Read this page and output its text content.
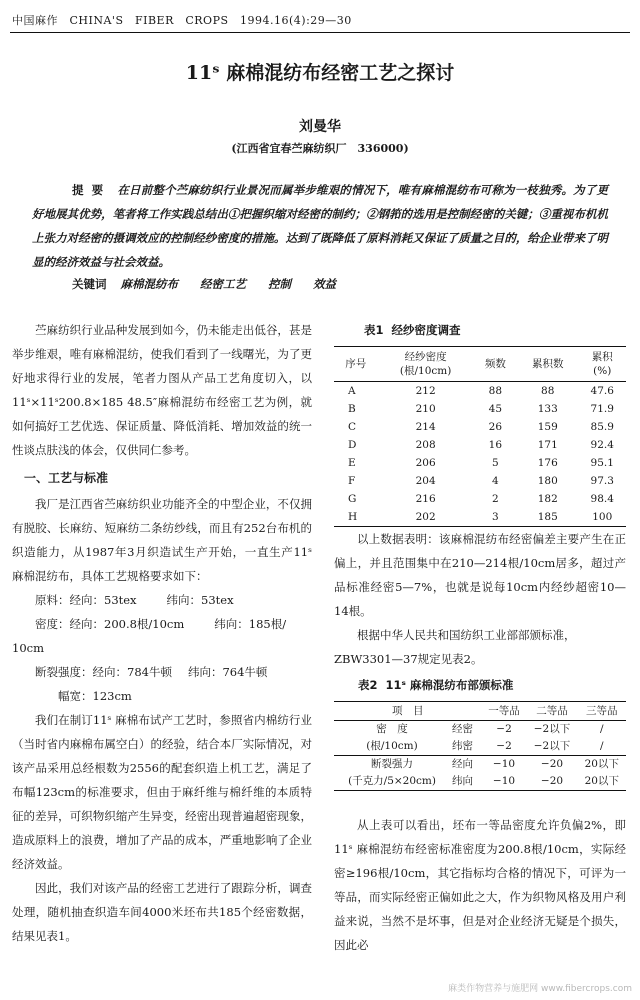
中国麻作　CHINA'S　FIBER　CROPS　1994.16(4):29—30
11ˢ 麻棉混纺布经密工艺之探讨
刘曼华
(江西省宜春苎麻纺织厂　336000)
提要 在日前整个苎麻纺织行业景况而属举步维艰的情况下，唯有麻棉混纺布可称为一枝独秀。为了更好地展其优势，笔者将工作实践总结出①把握织缩对经密的制约；②钢筘的选用是控制经密的关键；③重视布机机上张力对经密的摄调效应的控制经纱密度的措施。达到了既降低了原料消耗又保证了质量之目的，给企业带来了明显的经济效益与社会效益。
关键词 麻棉混纺布 经密工艺 控制 效益

苎麻纺织行业品种发展到如今，仍未能走出低谷，甚是举步维艰，唯有麻棉混纺，使我们看到了一线曙光，为了更好地求得行业的发展，笔者力图从产品工艺角度切入，以11ˢ×11ˢ200.8×185 48.5″麻棉混纺布经密工艺为例，就如何搞好工艺优选、保证质量、降低消耗、增加效益的统一性谈点肤浅的体会，仅供同仁参考。

一、工艺与标准

我厂是江西省苎麻纺织业功能齐全的中型企业，不仅拥有脱胶、长麻纺、短麻纺二条纺纱线，而且有252台布机的织造能力，从1987年3月织造试生产开始，一直生产11ˢ 麻棉混纺布，具体工艺规格要求如下：

原料：经向：53tex	纬向：53tex

密度：经向：200.8根/10cm	纬向：185根/

10cm

断裂强度：经向：784牛顿 纬向：764牛顿

幅宽：123cm

我们在制订11ˢ 麻棉布试产工艺时，参照省内棉纺行业（当时省内麻棉布属空白）的经验，结合本厂实际情况，对该产品采用总经根数为2556的配套织造上机工艺，满足了布幅123cm的标准要求，但由于麻纤维与棉纤维的本质特征的差异，可织物织缩产生异变，经密出现普遍超密现象，造成原料上的浪费，增加了产品的成本，严重地影响了企业经济效益。

因此，我们对该产品的经密工艺进行了跟踪分析，调查处理，随机抽查织造车间4000米坯布共185个经密数据，结果见表1。

表1 经纱密度调查
序号	经纱密度
(根/10cm)	频数	累积数	累积
(%)
A	212	88	88	47.6
B	210	45	133	71.9
C	214	26	159	85.9
D	208	16	171	92.4
E	206	5	176	95.1
F	204	4	180	97.3
G	216	2	182	98.4
H	202	3	185	100

以上数据表明：该麻棉混纺布经密偏差主要产生在正偏上，并且范围集中在210—214根/10cm居多，超过产品标准经密5—7%，也就是说每10cm内经纱超密10—14根。

根据中华人民共和国纺织工业部部颁标准，ZBW3301—37规定见表2。

表2 11ˢ 麻棉混纺布部颁标准
项　目		一等品	二等品	三等品
密　度	经密	−2	−2以下	/
(根/10cm)	纬密	−2	−2以下	/
断裂强力	经向	−10	−20	20以下
(千克力/5×20cm)	纬向	−10	−20	20以下

从上表可以看出，坯布一等品密度允许负偏2%，即11ˢ 麻棉混纺布经密标准密度为200.8根/10cm，实际经密≥196根/10cm，其它指标均合格的情况下，可评为一等品，而实际经密正偏如此之大，作为织物风格及用户利益来说，当然不是坏事，但是对企业经济无疑是个损失，因此必

麻类作物营养与施肥网 www.fibercrops.com
